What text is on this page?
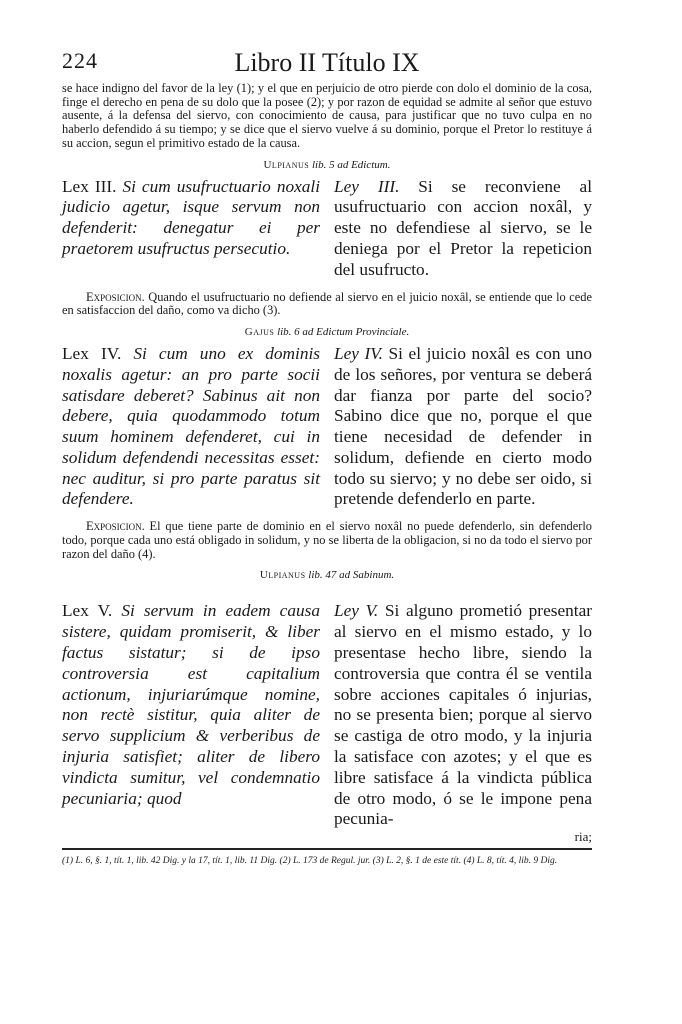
224	Libro II Título IX

se hace indigno del favor de la ley (1); y el que en perjuicio de otro pierde con dolo el dominio de la cosa, finge el derecho en pena de su dolo que la posee (2); y por razon de equidad se admite al señor que estuvo ausente, á la defensa del siervo, con conocimiento de causa, para justificar que no tuvo culpa en no haberlo defendido á su tiempo; y se dice que el siervo vuelve á su dominio, porque el Pretor lo restituye á su accion, segun el primitivo estado de la causa.

Ulpianus lib. 5 ad Edictum.
Lex III. Si cum usufructuario noxali judicio agetur, isque servum non defenderit: denegatur ei per praetorem usufructus persecutio.
Ley III. Si se reconviene al usufructuario con accion noxâl, y este no defendiese al siervo, se le deniega por el Pretor la repeticion del usufructo.

Exposicion. Quando el usufructuario no defiende al siervo en el juicio noxâl, se entiende que lo cede en satisfaccion del daño, como va dicho (3).

Gajus lib. 6 ad Edictum Provinciale.
Lex IV. Si cum uno ex dominis noxalis agetur: an pro parte socii satisdare deberet? Sabinus ait non debere, quia quodammodo totum suum hominem defenderet, cui in solidum defendendi necessitas esset: nec auditur, si pro parte paratus sit defendere.
Ley IV. Si el juicio noxâl es con uno de los señores, por ventura se deberá dar fianza por parte del socio? Sabino dice que no, porque el que tiene necesidad de defender in solidum, defiende en cierto modo todo su siervo; y no debe ser oido, si pretende defenderlo en parte.

Exposicion. El que tiene parte de dominio en el siervo noxâl no puede defenderlo, sin defenderlo todo, porque cada uno está obligado in solidum, y no se liberta de la obligacion, si no da todo el siervo por razon del daño (4).

Ulpianus lib. 47 ad Sabinum.
Lex V. Si servum in eadem causa sistere, quidam promiserit, & liber factus sistatur; si de ipso controversia est capitalium actionum, injuriarúmque nomine, non rectè sistitur, quia aliter de servo supplicium & verberibus de injuria satisfiet; aliter de libero vindicta sumitur, vel condemnatio pecuniaria; quod
Ley V. Si alguno prometió presentar al siervo en el mismo estado, y lo presentase hecho libre, siendo la controversia que contra él se ventila sobre acciones capitales ó injurias, no se presenta bien; porque al siervo se castiga de otro modo, y la injuria la satisface con azotes; y el que es libre satisface á la vindicta pública de otro modo, ó se le impone pena pecunia-
ria;

(1) L. 6, §. 1, tít. 1, lib. 42 Dig. y la 17, tít. 1, lib. 11 Dig. (2) L. 173 de Regul. jur. (3) L. 2, §. 1 de este tít. (4) L. 8, tít. 4, lib. 9 Dig.
